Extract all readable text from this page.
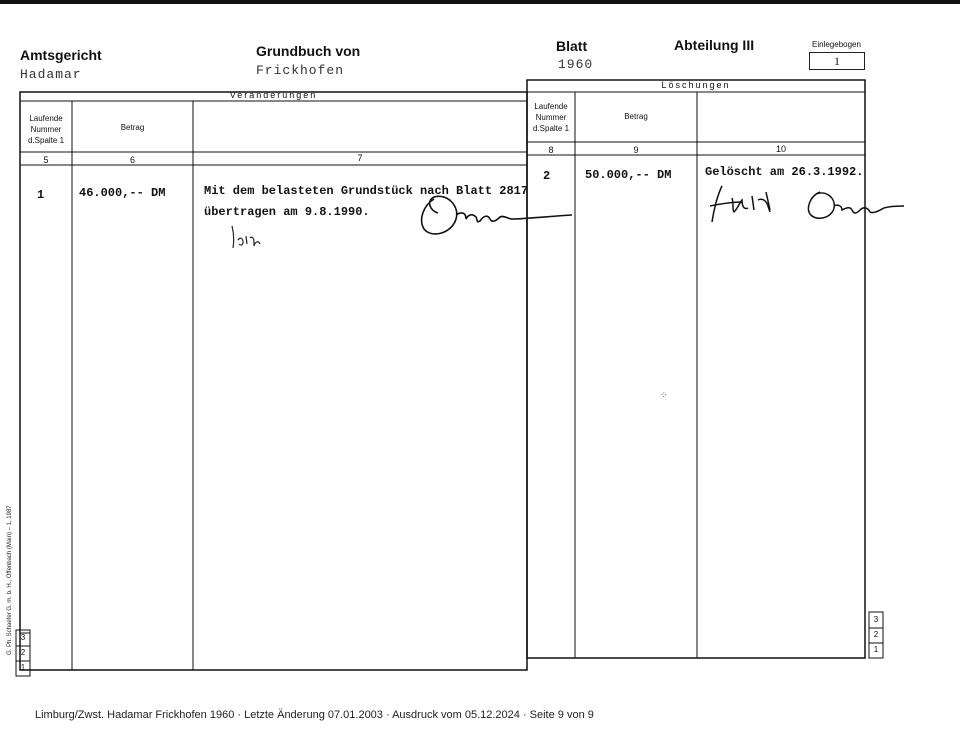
Amtsgericht
Hadamar
Grundbuch von
Frickhofen
Blatt
1960
Abteilung III	Einlegebogen
1
Veränderungen
Löschungen
Laufende
Nummer
d.Spalte 1
Betrag
Laufende
Nummer
d.Spalte 1
Betrag
5	6	7
8	9	10
1	46.000,-- DM	Mit dem belasteten Grundstück nach Blatt 2817
übertragen am 9.8.1990.
2	50.000,-- DM	Gelöscht am 26.3.1992.
⁘
3
2
1
3
2
1
G. Ph. Schaefer G. m. b. H., Offenbach (Main) – 1, 1987
Limburg/Zwst. Hadamar Frickhofen 1960 · Letzte Änderung 07.01.2003 · Ausdruck vom 05.12.2024 · Seite 9 von 9
